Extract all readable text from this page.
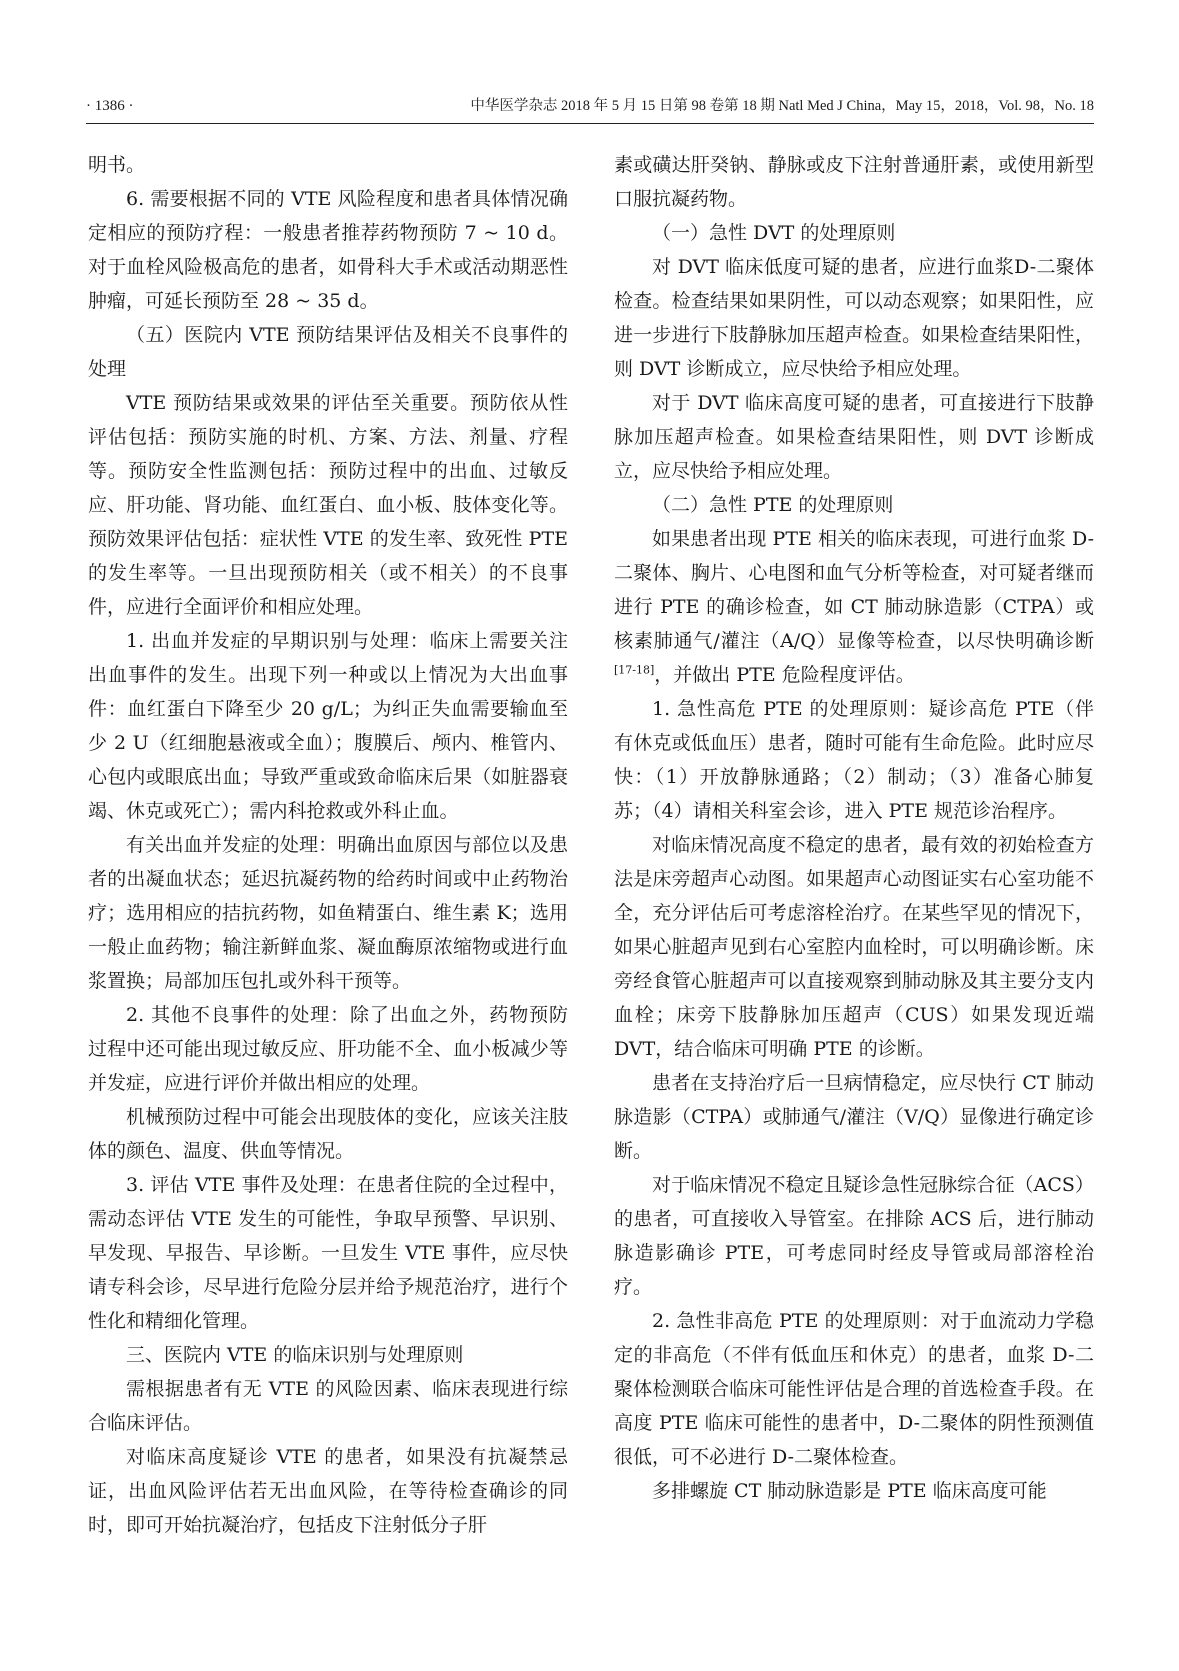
· 1386 ·	中华医学杂志 2018 年 5 月 15 日第 98 卷第 18 期 Natl Med J China，May 15，2018，Vol. 98，No. 18

明书。

6. 需要根据不同的 VTE 风险程度和患者具体情况确定相应的预防疗程：一般患者推荐药物预防 7 ~ 10 d。对于血栓风险极高危的患者，如骨科大手术或活动期恶性肿瘤，可延长预防至 28 ~ 35 d。

（五）医院内 VTE 预防结果评估及相关不良事件的处理

VTE 预防结果或效果的评估至关重要。预防依从性评估包括：预防实施的时机、方案、方法、剂量、疗程等。预防安全性监测包括：预防过程中的出血、过敏反应、肝功能、肾功能、血红蛋白、血小板、肢体变化等。预防效果评估包括：症状性 VTE 的发生率、致死性 PTE 的发生率等。一旦出现预防相关（或不相关）的不良事件，应进行全面评价和相应处理。

1. 出血并发症的早期识别与处理：临床上需要关注出血事件的发生。出现下列一种或以上情况为大出血事件：血红蛋白下降至少 20 g/L；为纠正失血需要输血至少 2 U（红细胞悬液或全血）；腹膜后、颅内、椎管内、心包内或眼底出血；导致严重或致命临床后果（如脏器衰竭、休克或死亡）；需内科抢救或外科止血。

有关出血并发症的处理：明确出血原因与部位以及患者的出凝血状态；延迟抗凝药物的给药时间或中止药物治疗；选用相应的拮抗药物，如鱼精蛋白、维生素 K；选用一般止血药物；输注新鲜血浆、凝血酶原浓缩物或进行血浆置换；局部加压包扎或外科干预等。

2. 其他不良事件的处理：除了出血之外，药物预防过程中还可能出现过敏反应、肝功能不全、血小板减少等并发症，应进行评价并做出相应的处理。

机械预防过程中可能会出现肢体的变化，应该关注肢体的颜色、温度、供血等情况。

3. 评估 VTE 事件及处理：在患者住院的全过程中，需动态评估 VTE 发生的可能性，争取早预警、早识别、早发现、早报告、早诊断。一旦发生 VTE 事件，应尽快请专科会诊，尽早进行危险分层并给予规范治疗，进行个性化和精细化管理。

三、医院内 VTE 的临床识别与处理原则

需根据患者有无 VTE 的风险因素、临床表现进行综合临床评估。

对临床高度疑诊 VTE 的患者，如果没有抗凝禁忌证，出血风险评估若无出血风险，在等待检查确诊的同时，即可开始抗凝治疗，包括皮下注射低分子肝

素或磺达肝癸钠、静脉或皮下注射普通肝素，或使用新型口服抗凝药物。

（一）急性 DVT 的处理原则

对 DVT 临床低度可疑的患者，应进行血浆D-二聚体检查。检查结果如果阴性，可以动态观察；如果阳性，应进一步进行下肢静脉加压超声检查。如果检查结果阳性，则 DVT 诊断成立，应尽快给予相应处理。

对于 DVT 临床高度可疑的患者，可直接进行下肢静脉加压超声检查。如果检查结果阳性，则 DVT 诊断成立，应尽快给予相应处理。

（二）急性 PTE 的处理原则

如果患者出现 PTE 相关的临床表现，可进行血浆 D-二聚体、胸片、心电图和血气分析等检查，对可疑者继而进行 PTE 的确诊检查，如 CT 肺动脉造影（CTPA）或核素肺通气/灌注（A/Q）显像等检查，以尽快明确诊断[17-18]，并做出 PTE 危险程度评估。

1. 急性高危 PTE 的处理原则：疑诊高危 PTE（伴有休克或低血压）患者，随时可能有生命危险。此时应尽快：（1）开放静脉通路；（2）制动；（3）准备心肺复苏；（4）请相关科室会诊，进入 PTE 规范诊治程序。

对临床情况高度不稳定的患者，最有效的初始检查方法是床旁超声心动图。如果超声心动图证实右心室功能不全，充分评估后可考虑溶栓治疗。在某些罕见的情况下，如果心脏超声见到右心室腔内血栓时，可以明确诊断。床旁经食管心脏超声可以直接观察到肺动脉及其主要分支内血栓；床旁下肢静脉加压超声（CUS）如果发现近端 DVT，结合临床可明确 PTE 的诊断。

患者在支持治疗后一旦病情稳定，应尽快行 CT 肺动脉造影（CTPA）或肺通气/灌注（V/Q）显像进行确定诊断。

对于临床情况不稳定且疑诊急性冠脉综合征（ACS）的患者，可直接收入导管室。在排除 ACS 后，进行肺动脉造影确诊 PTE，可考虑同时经皮导管或局部溶栓治疗。

2. 急性非高危 PTE 的处理原则：对于血流动力学稳定的非高危（不伴有低血压和休克）的患者，血浆 D-二聚体检测联合临床可能性评估是合理的首选检查手段。在高度 PTE 临床可能性的患者中，D-二聚体的阴性预测值很低，可不必进行 D-二聚体检查。

多排螺旋 CT 肺动脉造影是 PTE 临床高度可能
